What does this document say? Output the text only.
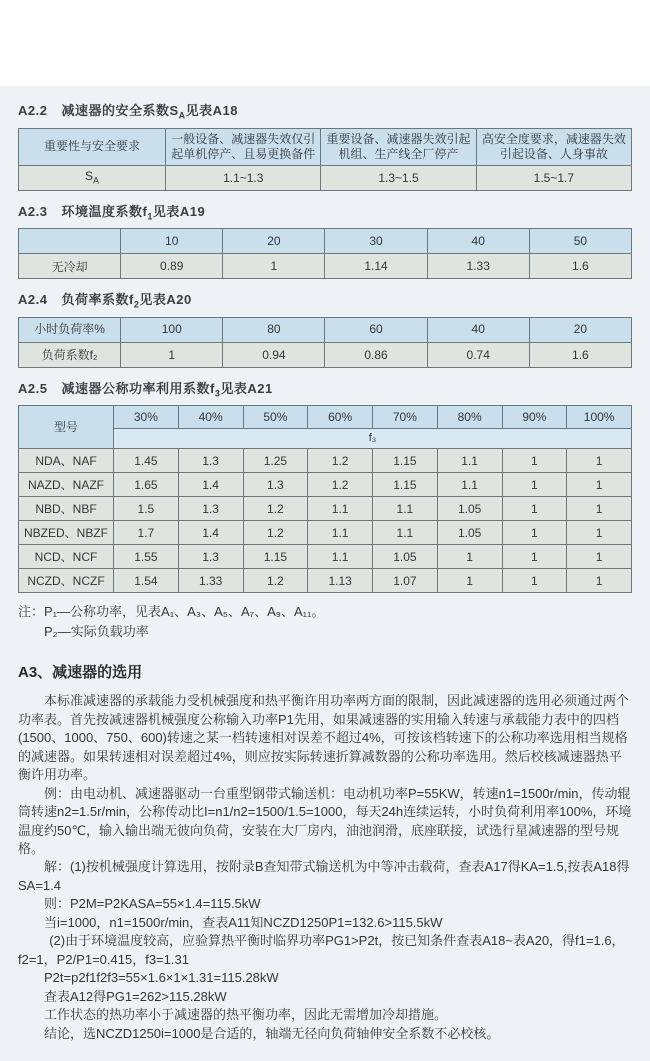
A2.2 减速器的安全系数$S_A$见表A18
重要性与安全要求	一般设备、减速器失效仅引起单机停产、且易更换备件	重要设备、减速器失效引起机组、生产线全厂停产	高安全度要求，减速器失效引起设备、人身事故
$S_A$	1.1~1.3	1.3~1.5	1.5~1.7
A2.3 环境温度系数$f_1$见表A19
	10	20	30	40	50
无冷却	0.89	1	1.14	1.33	1.6
A2.4 负荷率系数$f_2$见表A20
小时负荷率%	100	80	60	40	20
负荷系数f₂	1	0.94	0.86	0.74	1.6
A2.5 减速器公称功率利用系数$f_3$见表A21
型号	30%	40%	50%	60%	70%	80%	90%	100%
	f₃							
NDA、NAF	1.45	1.3	1.25	1.2	1.15	1.1	1	1
NAZD、NAZF	1.65	1.4	1.3	1.2	1.15	1.1	1	1
NBD、NBF	1.5	1.3	1.2	1.1	1.1	1.05	1	1
NBZED、NBZF	1.7	1.4	1.2	1.1	1.1	1.05	1	1
NCD、NCF	1.55	1.3	1.15	1.1	1.05	1	1	1
NCZD、NCZF	1.54	1.33	1.2	1.13	1.07	1	1	1
注：P₁—公称功率，见表A₁、A₃、A₅、A₇、A₉、A₁₁。
P₂—实际负载功率
A3、减速器的选用

本标准减速器的承载能力受机械强度和热平衡许用功率两方面的限制，因此减速器的选用必须通过两个功率表。首先按减速器机械强度公称输入功率P1先用，如果减速器的实用输入转速与承载能力表中的四档(1500、1000、750、600)转速之某一档转速相对误差不超过4%，可按该档转速下的公称功率选用相当规格的减速器。如果转速相对误差超过4%，则应按实际转速折算减数器的公称功率选用。然后校核减速器热平衡许用功率。

例：由电动机、减速器驱动一台重型钢带式输送机：电动机功率P=55KW，转速n1=1500r/min，传动辊筒转速n2=1.5r/min，公称传动比I=n1/n2=1500/1.5=1000，每天24h连续运转，小时负荷利用率100%，环境温度约50℃，输入输出端无彼向负荷，安装在大厂房内，油池润滑，底座联接，试选行星减速器的型号规格。

解：(1)按机械强度计算选用，按附录B查知带式输送机为中等冲击载荷，查表A17得KA=1.5,按表A18得SA=1.4

则：P2M=P2KASA=55×1.4=115.5kW

当i=1000，n1=1500r/min，查表A11知NCZD1250P1=132.6>115.5kW

(2)由于环境温度较高，应验算热平衡时临界功率PG1>P2t，按已知条件查表A18~表A20，得f1=1.6，f2=1，P2/P1=0.415，f3=1.31

P2t=p2f1f2f3=55×1.6×1×1.31=115.28kW

查表A12得PG1=262>115.28kW

工作状态的热功率小于减速器的热平衡功率，因此无需增加冷却措施。

结论，选NCZD1250i=1000是合适的，轴端无径向负荷轴伸安全系数不必校核。
